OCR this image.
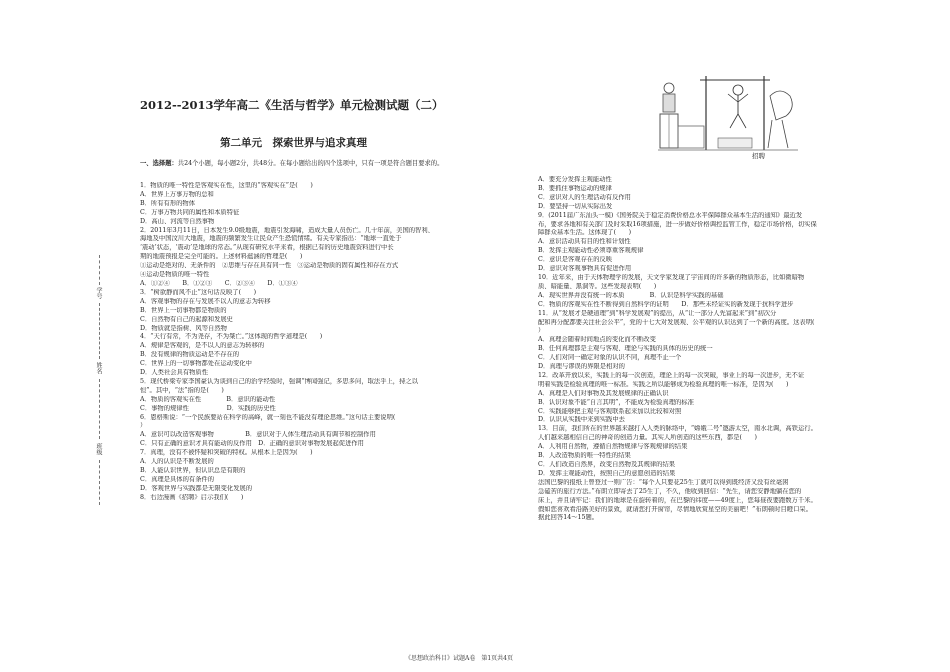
2012--2013学年高二《生活与哲学》单元检测试题（二）
第二单元　探索世界与追求真理
一、选择题：共24个小题，每小题2分，共48分。在每小题给出的四个选项中，只有一项是符合题目要求的。
学号
姓名
班级

1．物质的唯一特性是客观实在性，这里的“客观实在”是(　　)

A．世界上万事万物的总和

B．所有有形的物体

C．万事万物共同的属性和本质特征

D．高山、河流等自然事物

2．2011年3月11日，日本发生9.0级地震，地震引发海啸，造成大量人员伤亡。几十年前，美国的智利、

海地及中国汶川大地震，地震的频繁发生让民众产生恐慌情绪。有关专家指出：“地球一直处于

‘震动’状态，‘震动’是地球的常态。”从现有研究水平来看，根据已有的历史地震资料进行中长

期的地震预报是完全可能的。上述材料蕴涵的哲理是(　　)

①运动是绝对的、无条件的　②思维与存在具有同一性　③运动是物质的固有属性和存在方式

④运动是物质的唯一特性

A．①②④　　B．①②③　　C．②③④　　D．①③④

3．“树欲静而风不止”这句话反映了(　　)

A．客观事物的存在与发展不以人的意志为转移

B．世界上一切事物都是物质的

C．自然物有自己的起源和发展史

D．物质就是指树、风等自然物

4．“天行有常，不为尧存，不为桀亡。”这体现的哲学道理是(　　)

A．规律是客观的，是不以人的意志为转移的

B．没有规律的物质运动是不存在的

C．世界上的一切事物都处在运动变化中

D．人类社会具有物质性

5．现代桥梁专家李国豪认为谈到自己的治学经验时，强调“博闻强记，多思多问，取法乎上，持之以

恒”。其中，“法”指的是(　　)

A．物质的客观实在性　　　　B．意识的能动性

C．事物的规律性　　　　　　D．实践的历史性

6．恩格斯说：“一个民族要站在科学的高峰，就一刻也不能没有理论思维。”这句话主要说明(

）

A．意识可以改造客观事物　　　　　B．意识对于人体生理活动具有调节和控制作用

C．只有正确的意识才具有能动的反作用　D．正确的意识对事物发展起促进作用

7．真理，没有不被怀疑和突破的特权。从根本上是因为(　　)

A．人的认识是不断发展的

B．人能认识世界，但认识总是有限的

C．真理是具体的有条件的

D．客观世界与实践都是无限变化发展的

8．右边漫画《招聘》启示我们(　　)

A．要充分发挥主观能动性

B．要抓住事物运动的规律

C．意识对人的生理活动有反作用

D．要坚持一切从实际出发

9．(2011届广东汕头一模)《国务院关于稳定消费价格总水平保障群众基本生活的通知》最近发

布，要求各地和有关部门及时采取16项措施，进一步做好价格调控监管工作，稳定市场价格，切实保

障群众基本生活。这体现了(　　)

A．意识活动具有目的性和计划性

B．发挥主观能动性必须尊重客观规律

C．意识是客观存在的反映

D．意识对客观事物具有促进作用

10．近年来，由于天体物理学的发展，天文学家发现了宇宙间的许多新的物质形态，比如微暗物

质、暗能量、黑洞等。这些发现表明(　　)

A．现实世界并没有统一的本质　　　　B．认识是科学实践的基础

C．物质的客观实在性不断得到自然科学的证明　　D．那些未经证实的新发现于抗科学进步

11．从“发展才是硬道理”到“科学发展观”的提出，从“让一部分人先富起来”到“初次分

配和再分配都要关注社会公平”，党的十七大对发展观、公平观的认识达到了一个新的高度。这表明(

）

A．真理会随着时间地点的变化而不断改变

B．任何真理都是主观与客观、理论与实践的具体的历史的统一

C．人们对同一确定对象的认识不同，真理不止一个

D．真理与谬误的界限是相对的

12．改革开放以来，实践上的每一次创造，理论上的每一次突破，事业上的每一次进步，无不证

明着实践是检验真理的唯一标准。实践之所以能够成为检验真理的唯一标准，是因为(　　)

A．真理是人们对事物及其发展规律的正确认识

B．认识对象不能“自言其明”，不能成为检验真理的标准

C．实践能够把主观与客观联系起来加以比较和对照

D．认识从实践中来到实践中去

13．目前，我们所在的世界越来越打入人类的脉络中，“嫦娥二号”邀游太空，南水北调，高铁运行。

人们越来越相信自己的神奇的创造力量。其实人所创造的这些东西，都是(　　)

A．人利用自然物，遵循自然物规律与客观规律的结果

B．人改造物质的唯一特性的结果

C．人们改造自然界，改变自然物及其规律的结果

D．发挥主观能动性，按照自己的意愿创造的结果

法国巴黎的报纸上曾登过一则广告：“每个人只要花25生丁就可以得到既经济又没有丝毫困

急磕苦的旅行方法。”布朗立即寄去了25生丁，不久，他收到回信：“先生，请您安静地躺在您的

床上，并且请牢记：我们的地球是在旋转着的，在巴黎的纬度——49度上，您每昼夜要跑数万千米。

假如您喜欢看沿路美好的景致，就请您打开窗帘，尽情地欣赏星空的美丽吧！”布朗顿时目瞪口呆。

据此回答14～15题。

招聘
《思想政治科目》试题A卷　第1页共4页
